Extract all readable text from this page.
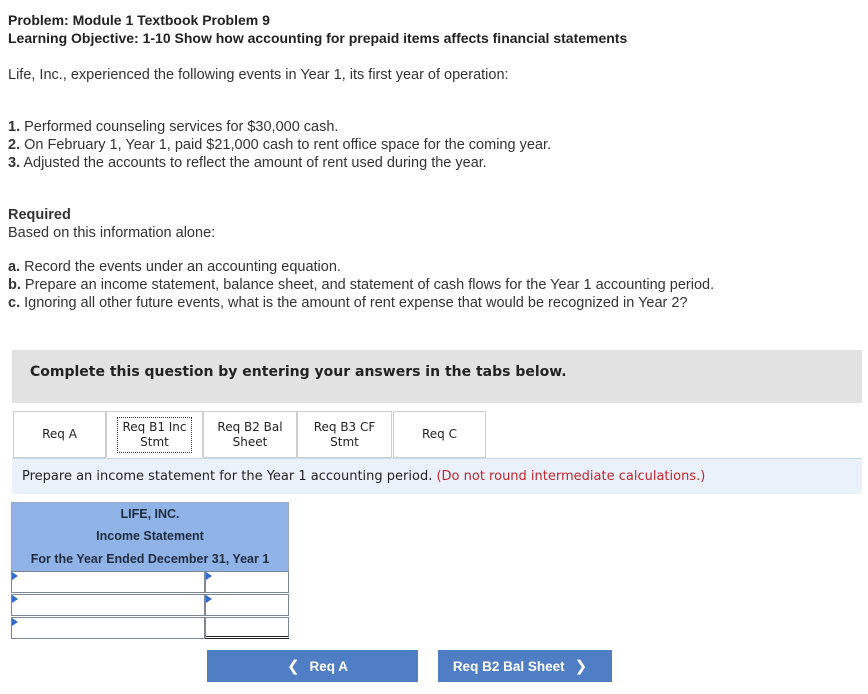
Problem: Module 1 Textbook Problem 9
Learning Objective: 1-10 Show how accounting for prepaid items affects financial statements
Life, Inc., experienced the following events in Year 1, its first year of operation:
1. Performed counseling services for $30,000 cash.
2. On February 1, Year 1, paid $21,000 cash to rent office space for the coming year.
3. Adjusted the accounts to reflect the amount of rent used during the year.
Required
Based on this information alone:
a. Record the events under an accounting equation.
b. Prepare an income statement, balance sheet, and statement of cash flows for the Year 1 accounting period.
c. Ignoring all other future events, what is the amount of rent expense that would be recognized in Year 2?
Complete this question by entering your answers in the tabs below.
Req A
Req B1 Inc
Stmt
Req B2 Bal
Sheet
Req B3 CF
Stmt
Req C
Prepare an income statement for the Year 1 accounting period. (Do not round intermediate calculations.)
LIFE, INC.
Income Statement
For the Year Ended December 31, Year 1
❮ Req A	Req B2 Bal Sheet ❯
